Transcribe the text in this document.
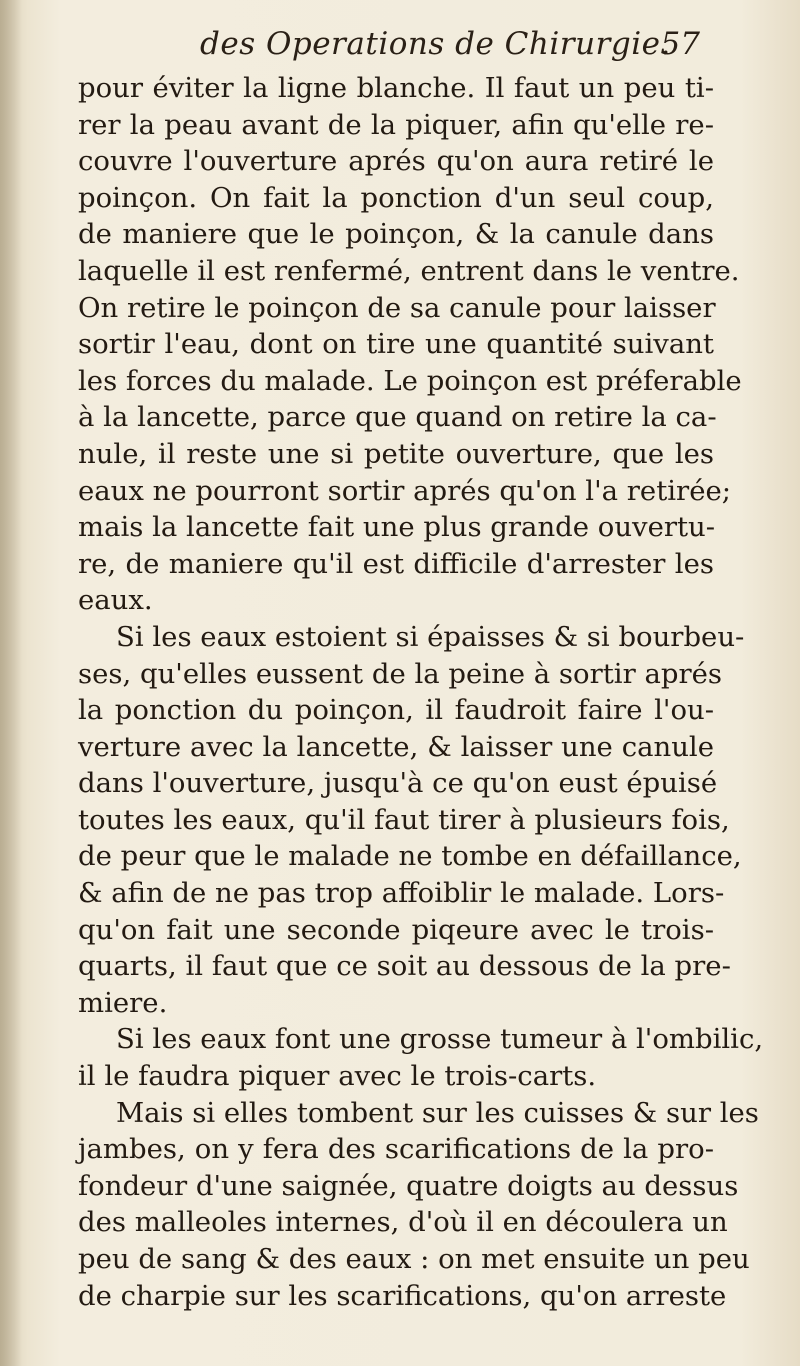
des Operations de Chirurgie.
57
pour éviter la ligne blanche. Il faut un peu ti-
rer la peau avant de la piquer, afin qu'elle re-
couvre l'ouverture aprés qu'on aura retiré le
poinçon. On fait la ponction d'un seul coup,
de maniere que le poinçon, & la canule dans
laquelle il est renfermé, entrent dans le ventre.
On retire le poinçon de sa canule pour laisser
sortir l'eau, dont on tire une quantité suivant
les forces du malade. Le poinçon est préferable
à la lancette, parce que quand on retire la ca-
nule, il reste une si petite ouverture, que les
eaux ne pourront sortir aprés qu'on l'a retirée;
mais la lancette fait une plus grande ouvertu-
re, de maniere qu'il est difficile d'arrester les
eaux.
Si les eaux estoient si épaisses & si bourbeu-
ses, qu'elles eussent de la peine à sortir aprés
la ponction du poinçon, il faudroit faire l'ou-
verture avec la lancette, & laisser une canule
dans l'ouverture, jusqu'à ce qu'on eust épuisé
toutes les eaux, qu'il faut tirer à plusieurs fois,
de peur que le malade ne tombe en défaillance,
& afin de ne pas trop affoiblir le malade. Lors-
qu'on fait une seconde piqeure avec le trois-
quarts, il faut que ce soit au dessous de la pre-
miere.
Si les eaux font une grosse tumeur à l'ombilic,
il le faudra piquer avec le trois-carts.
Mais si elles tombent sur les cuisses & sur les
jambes, on y fera des scarifications de la pro-
fondeur d'une saignée, quatre doigts au dessus
des malleoles internes, d'où il en découlera un
peu de sang & des eaux : on met ensuite un peu
de charpie sur les scarifications, qu'on arreste
